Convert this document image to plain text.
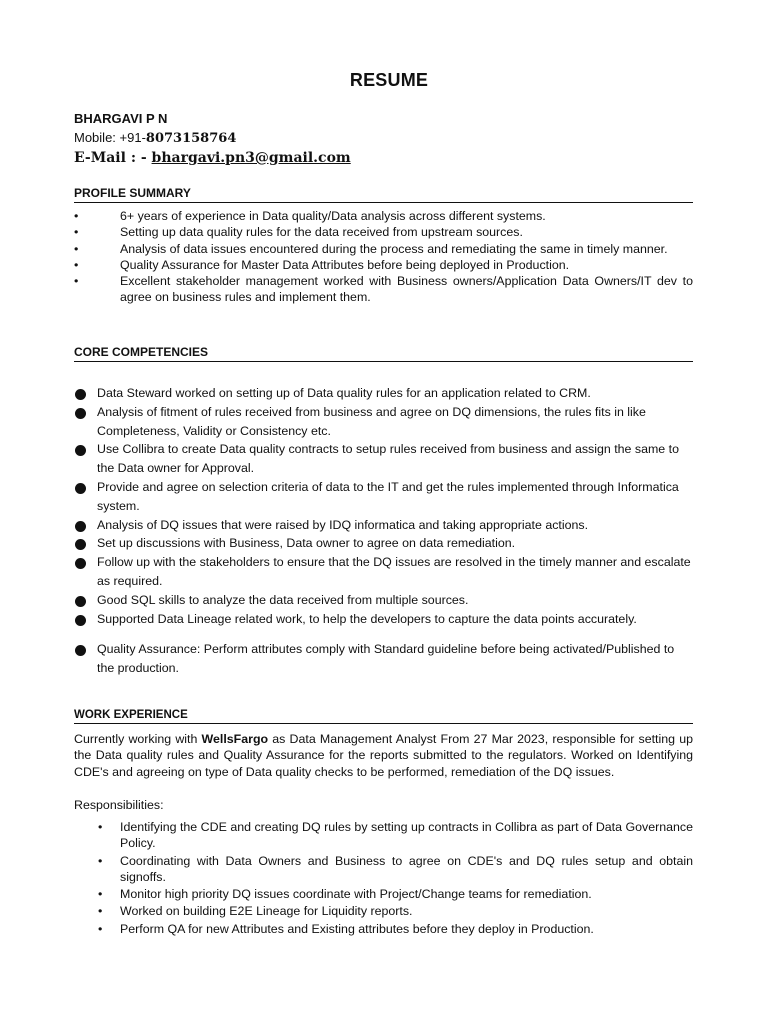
RESUME
BHARGAVI P N
Mobile: +91-8073158764
E-Mail : - bhargavi.pn3@gmail.com
PROFILE SUMMARY
•	6+ years of experience in Data quality/Data analysis across different systems.
•	Setting up data quality rules for the data received from upstream sources.
•	Analysis of data issues encountered during the process and remediating the same in timely manner.
•	Quality Assurance for Master Data Attributes before being deployed in Production.
•	Excellent stakeholder management worked with Business owners/Application Data Owners/IT dev to agree on business rules and implement them.
CORE COMPETENCIES
Data Steward worked on setting up of Data quality rules for an application related to CRM.
Analysis of fitment of rules received from business and agree on DQ dimensions, the rules fits in like Completeness, Validity or Consistency etc.
Use Collibra to create Data quality contracts to setup rules received from business and assign the same to the Data owner for Approval.
Provide and agree on selection criteria of data to the IT and get the rules implemented through Informatica system.
Analysis of DQ issues that were raised by IDQ informatica and taking appropriate actions.
Set up discussions with Business, Data owner to agree on data remediation.
Follow up with the stakeholders to ensure that the DQ issues are resolved in the timely manner and escalate as required.
Good SQL skills to analyze the data received from multiple sources.
Supported Data Lineage related work, to help the developers to capture the data points accurately.
Quality Assurance: Perform attributes comply with Standard guideline before being activated/Published to the production.
WORK EXPERIENCE

Currently working with WellsFargo as Data Management Analyst From 27 Mar 2023, responsible for setting up the Data quality rules and Quality Assurance for the reports submitted to the regulators. Worked on Identifying CDE's and agreeing on type of Data quality checks to be performed, remediation of the DQ issues.

Responsibilities:
• Identifying the CDE and creating DQ rules by setting up contracts in Collibra as part of Data Governance Policy.
• Coordinating with Data Owners and Business to agree on CDE's and DQ rules setup and obtain signoffs.
• Monitor high priority DQ issues coordinate with Project/Change teams for remediation.
• Worked on building E2E Lineage for Liquidity reports.
• Perform QA for new Attributes and Existing attributes before they deploy in Production.
